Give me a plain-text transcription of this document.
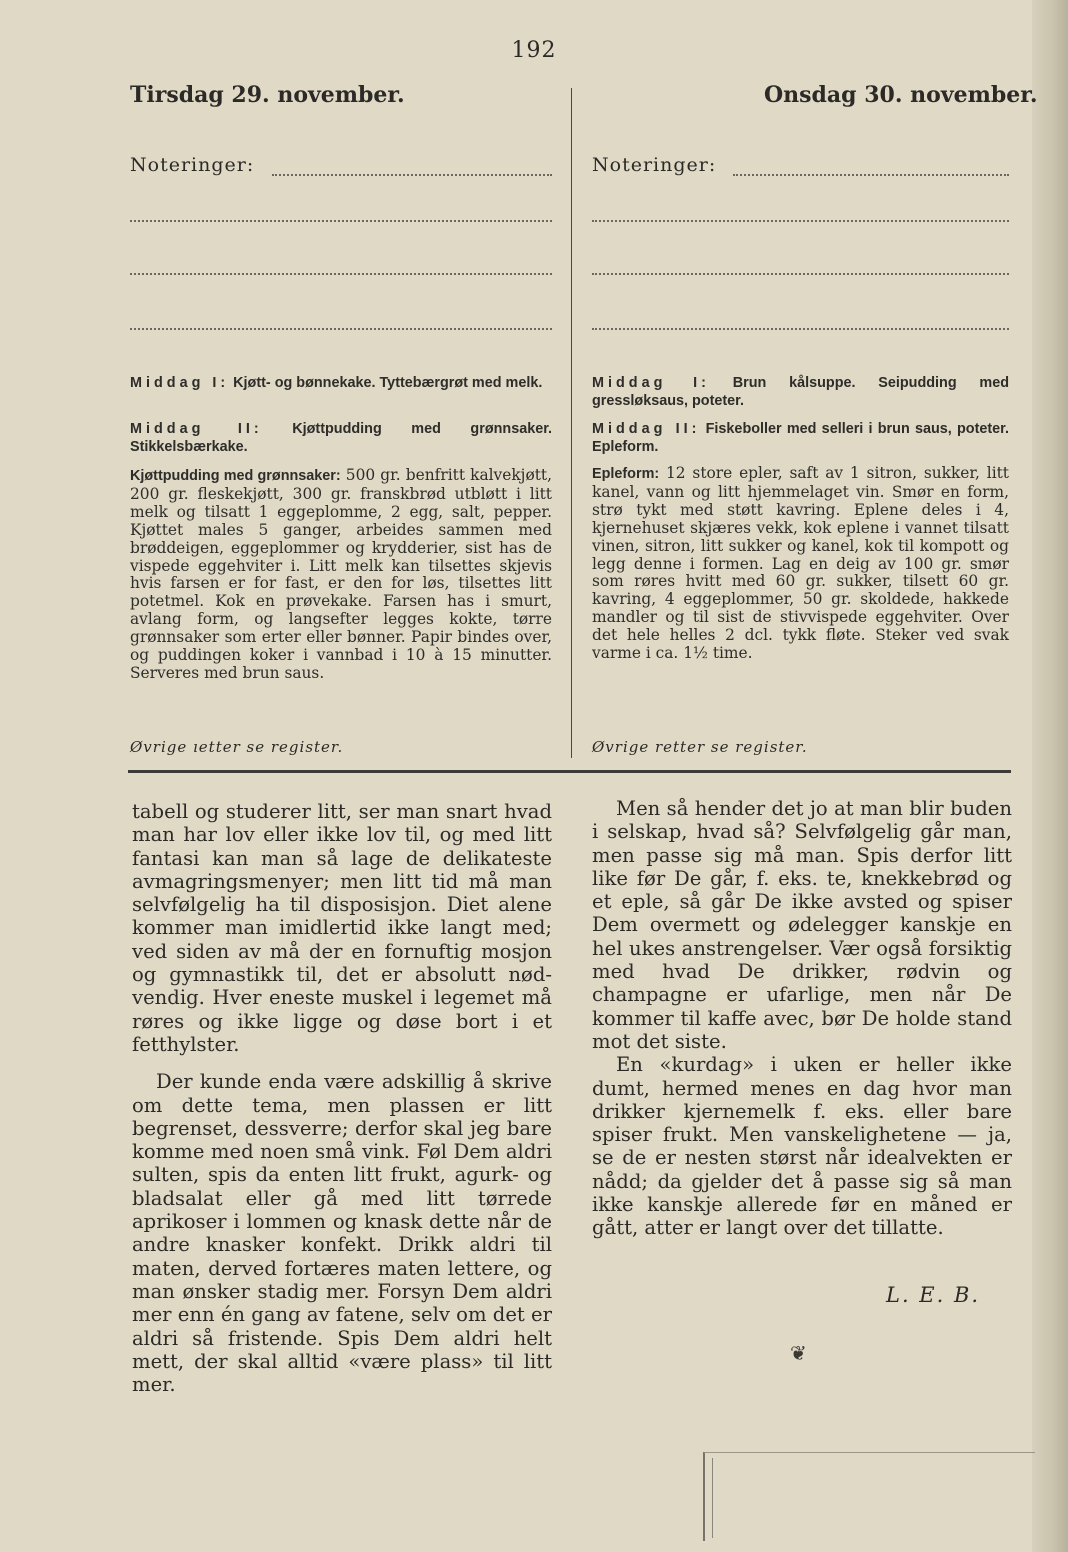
192
Tirsdag 29. november.	Onsdag 30. november.
Noteringer:	Noteringer:
Middag I: Kjøtt- og bønnekake. Tyttebærgrøt med melk.
Middag II: Kjøttpudding med grønnsaker. Stikkelsbærkake.
Kjøttpudding med grønnsaker: 500 gr. benfritt kalvekjøtt, 200 gr. fleskekjøtt, 300 gr. franskbrød utbløtt i litt melk og tilsatt 1 eggeplomme, 2 egg, salt, pepper. Kjøttet males 5 ganger, arbeides sammen med brøddeigen, eggeplommer og krydderier, sist has de vispede eggehviter i. Litt melk kan tilsettes skjevis hvis farsen er for fast, er den for løs, tilsettes litt potetmel. Kok en prøvekake. Farsen has i smurt, avlang form, og langsefter legges kokte, tørre grønnsaker som erter eller bønner. Papir bindes over, og puddingen koker i vannbad i 10 à 15 minutter. Serveres med brun saus.
Øvrige ıetter se register.
Middag I: Brun kålsuppe. Seipudding med gressløksaus, poteter.
Middag II: Fiskeboller med selleri i brun saus, poteter. Epleform.
Epleform: 12 store epler, saft av 1 sitron, sukker, litt kanel, vann og litt hjemmelaget vin. Smør en form, strø tykt med støtt kavring. Eplene deles i 4, kjernehuset skjæres vekk, kok eplene i vannet tilsatt vinen, sitron, litt sukker og kanel, kok til kompott og legg denne i formen. Lag en deig av 100 gr. smør som røres hvitt med 60 gr. sukker, tilsett 60 gr. kavring, 4 eggeplommer, 50 gr. skoldede, hakkede mandler og til sist de stivvispede eggehviter. Over det hele helles 2 dcl. tykk fløte. Steker ved svak varme i ca. 1½ time.
Øvrige retter se register.

tabell og studerer litt, ser man snart hvad man har lov eller ikke lov til, og med litt fantasi kan man så lage de delikateste avmagringsmenyer; men litt tid må man selvfølgelig ha til disposisjon. Diet alene kommer man imidlertid ikke langt med; ved siden av må der en fornuftig mosjon og gymnastikk til, det er absolutt nødvendig. Hver eneste muskel i legemet må røres og ikke ligge og døse bort i et fetthylster.

Der kunde enda være adskillig å skrive om dette tema, men plassen er litt begrenset, dessverre; derfor skal jeg bare komme med noen små vink. Føl Dem aldri sulten, spis da enten litt frukt, agurk- og bladsalat eller gå med litt tørrede aprikoser i lommen og knask dette når de andre knasker konfekt. Drikk aldri til maten, derved fortæres maten lettere, og man ønsker stadig mer. Forsyn Dem aldri mer enn én gang av fatene, selv om det er aldri så fristende. Spis Dem aldri helt mett, der skal alltid «være plass» til litt mer.

Men så hender det jo at man blir buden i selskap, hvad så? Selvfølgelig går man, men passe sig må man. Spis derfor litt like før De går, f. eks. te, knekkebrød og et eple, så går De ikke avsted og spiser Dem overmett og ødelegger kanskje en hel ukes anstrengelser. Vær også forsiktig med hvad De drikker, rødvin og champagne er ufarlige, men når De kommer til kaffe avec, bør De holde stand mot det siste.

En «kurdag» i uken er heller ikke dumt, hermed menes en dag hvor man drikker kjernemelk f. eks. eller bare spiser frukt. Men vanskelighetene — ja, se de er nesten størst når idealvekten er nådd; da gjelder det å passe sig så man ikke kanskje allerede før en måned er gått, atter er langt over det tillatte.

L. E. B.
❦
